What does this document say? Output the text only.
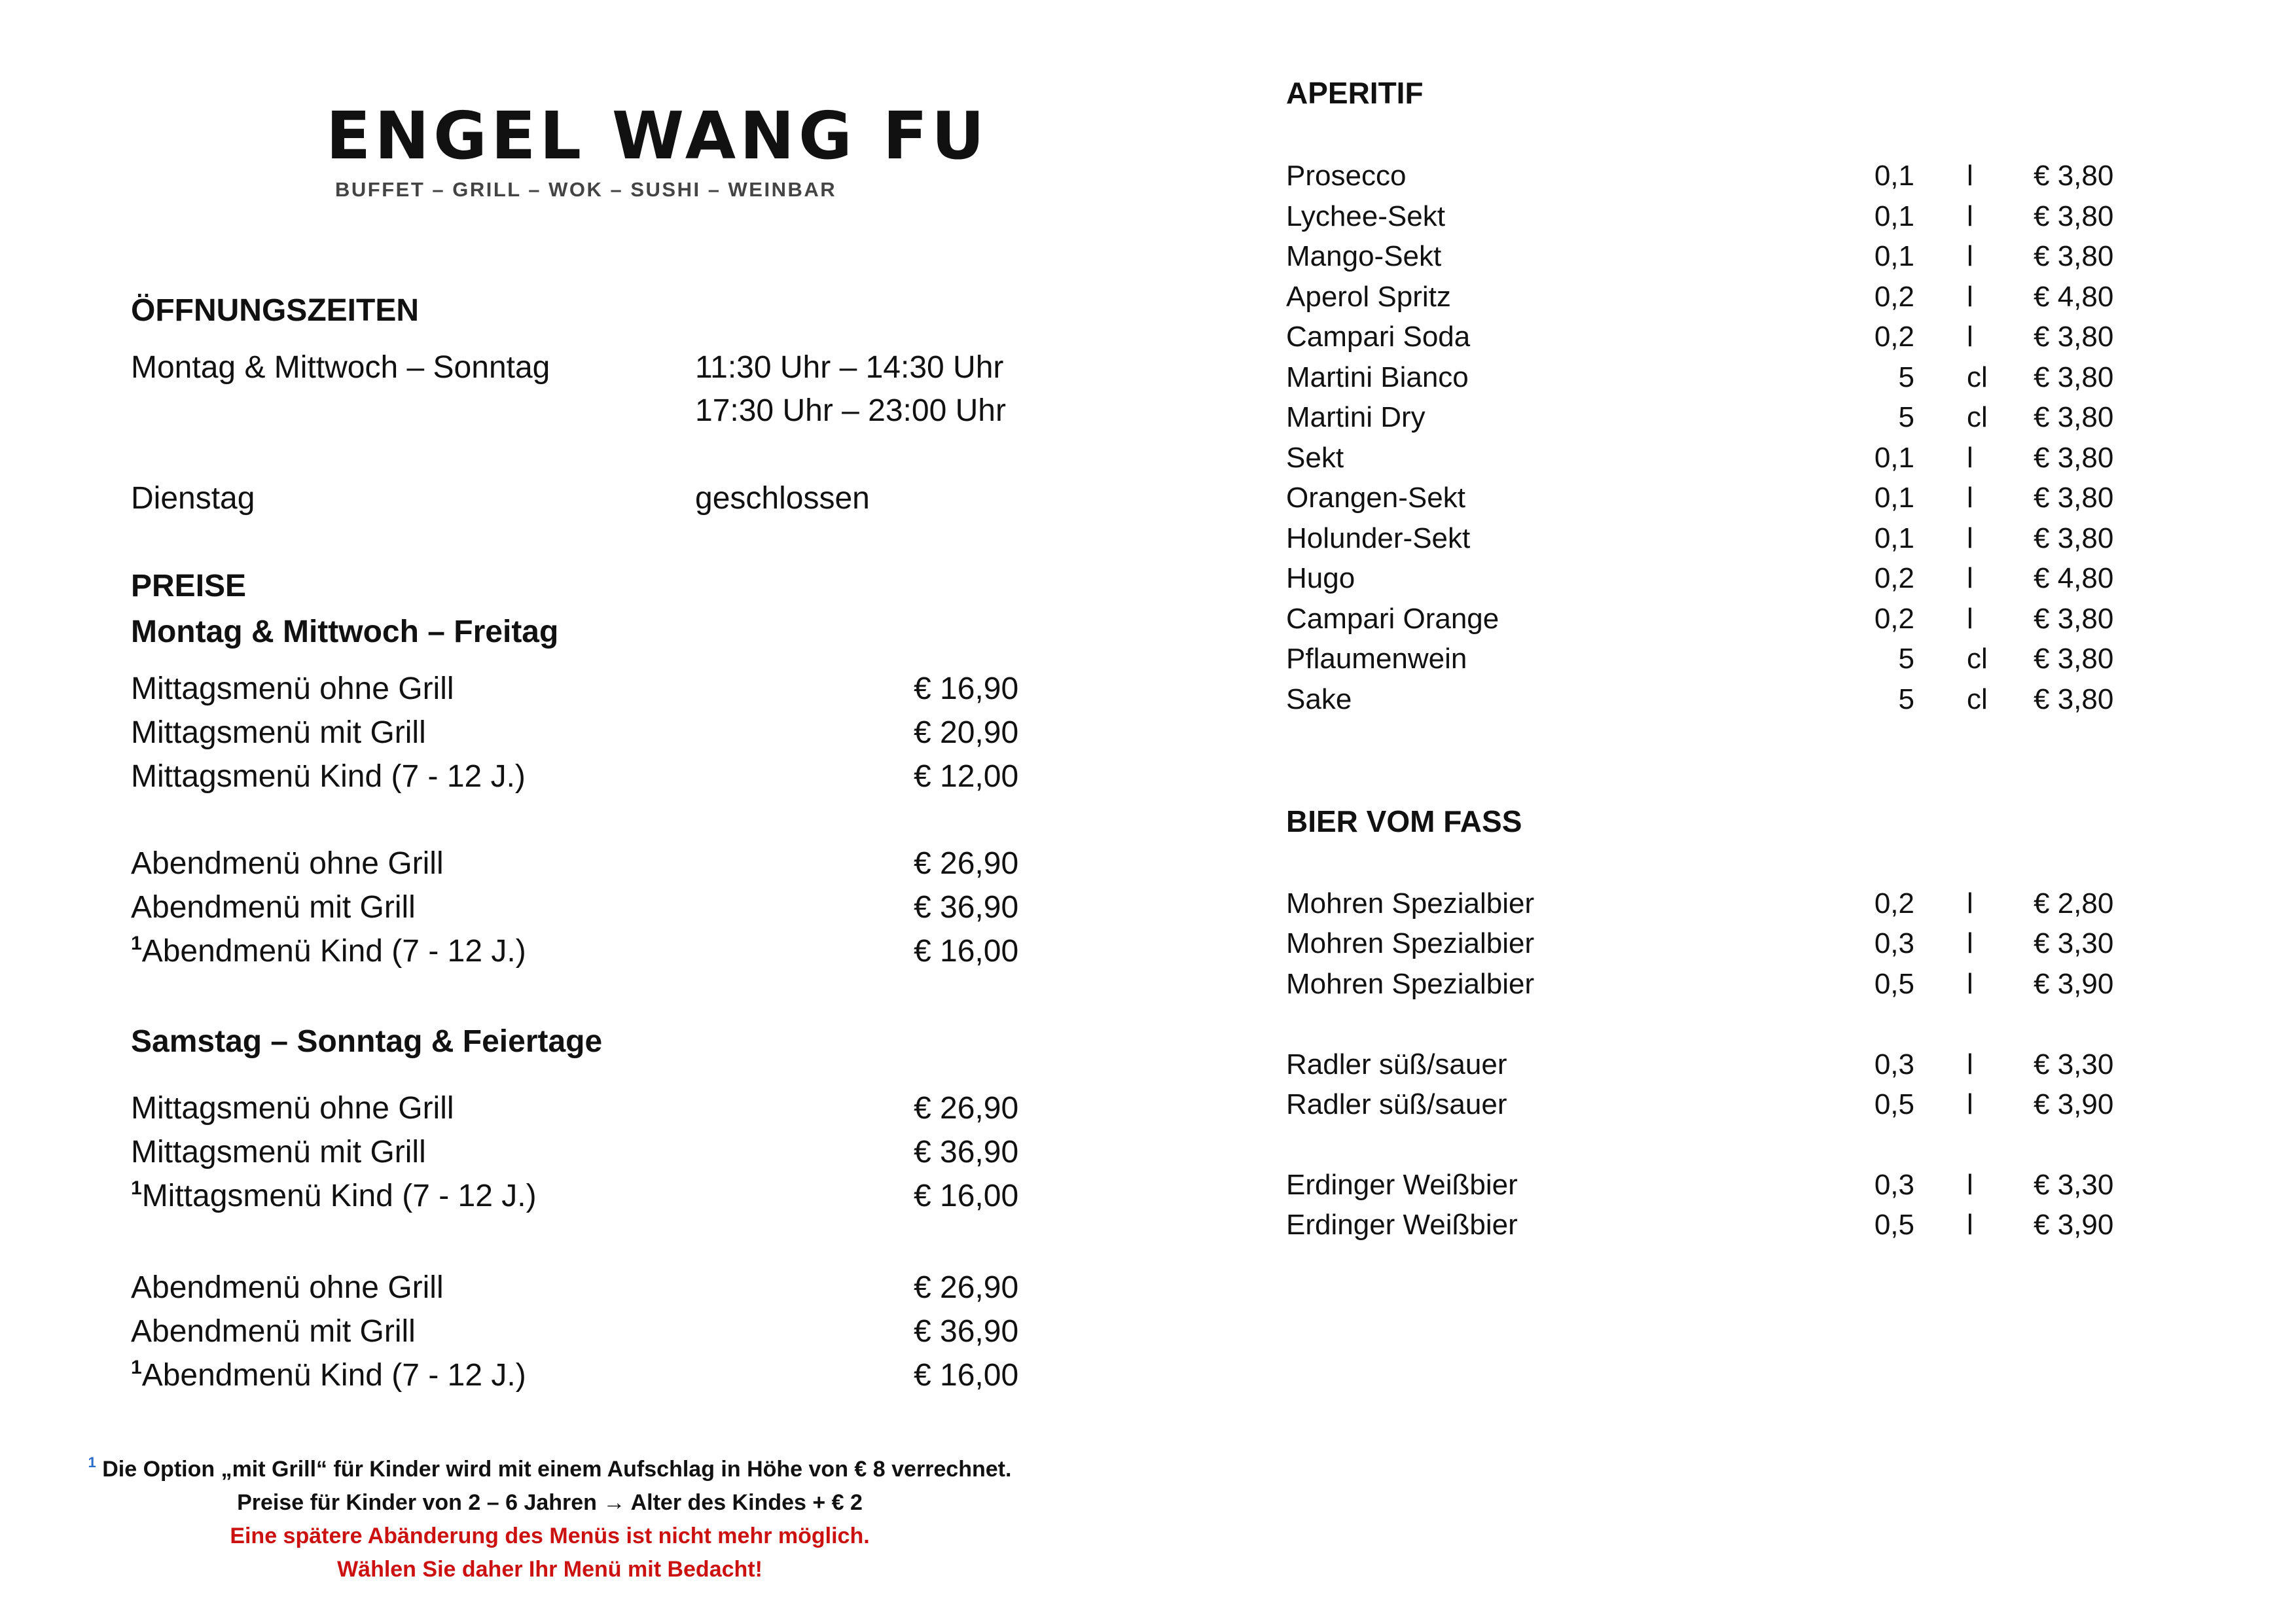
ENGEL WANG FU
BUFFET – GRILL – WOK – SUSHI – WEINBAR
ÖFFNUNGSZEITEN
Montag & Mittwoch – Sonntag	11:30 Uhr – 14:30 Uhr
17:30 Uhr – 23:00 Uhr
Dienstag	geschlossen
PREISE
Montag & Mittwoch – Freitag
Mittagsmenü ohne Grill	€ 16,90
Mittagsmenü mit Grill	€ 20,90
Mittagsmenü Kind (7 - 12 J.)	€ 12,00
Abendmenü ohne Grill	€ 26,90
Abendmenü mit Grill	€ 36,90
$^1$Abendmenü Kind (7 - 12 J.)	€ 16,00
Samstag – Sonntag & Feiertage
Mittagsmenü ohne Grill	€ 26,90
Mittagsmenü mit Grill	€ 36,90
$^1$Mittagsmenü Kind (7 - 12 J.)	€ 16,00
Abendmenü ohne Grill	€ 26,90
Abendmenü mit Grill	€ 36,90
$^1$Abendmenü Kind (7 - 12 J.)	€ 16,00
$^1$ Die Option „mit Grill“ für Kinder wird mit einem Aufschlag in Höhe von € 8 verrechnet.
Preise für Kinder von 2 – 6 Jahren → Alter des Kindes + € 2
Eine spätere Abänderung des Menüs ist nicht mehr möglich.
Wählen Sie daher Ihr Menü mit Bedacht!
APERITIF
Prosecco	0,1 l € 3,80
Lychee-Sekt	0,1 l € 3,80
Mango-Sekt	0,1 l € 3,80
Aperol Spritz	0,2 l € 4,80
Campari Soda	0,2 l € 3,80
Martini Bianco	5 cl € 3,80
Martini Dry	5 cl € 3,80
Sekt	0,1 l € 3,80
Orangen-Sekt	0,1 l € 3,80
Holunder-Sekt	0,1 l € 3,80
Hugo	0,2 l € 4,80
Campari Orange	0,2 l € 3,80
Pflaumenwein	5 cl € 3,80
Sake	5 cl € 3,80
BIER VOM FASS
Mohren Spezialbier	0,2 l € 2,80
Mohren Spezialbier	0,3 l € 3,30
Mohren Spezialbier	0,5 l € 3,90
Radler süß/sauer	0,3 l € 3,30
Radler süß/sauer	0,5 l € 3,90
Erdinger Weißbier	0,3 l € 3,30
Erdinger Weißbier	0,5 l € 3,90
